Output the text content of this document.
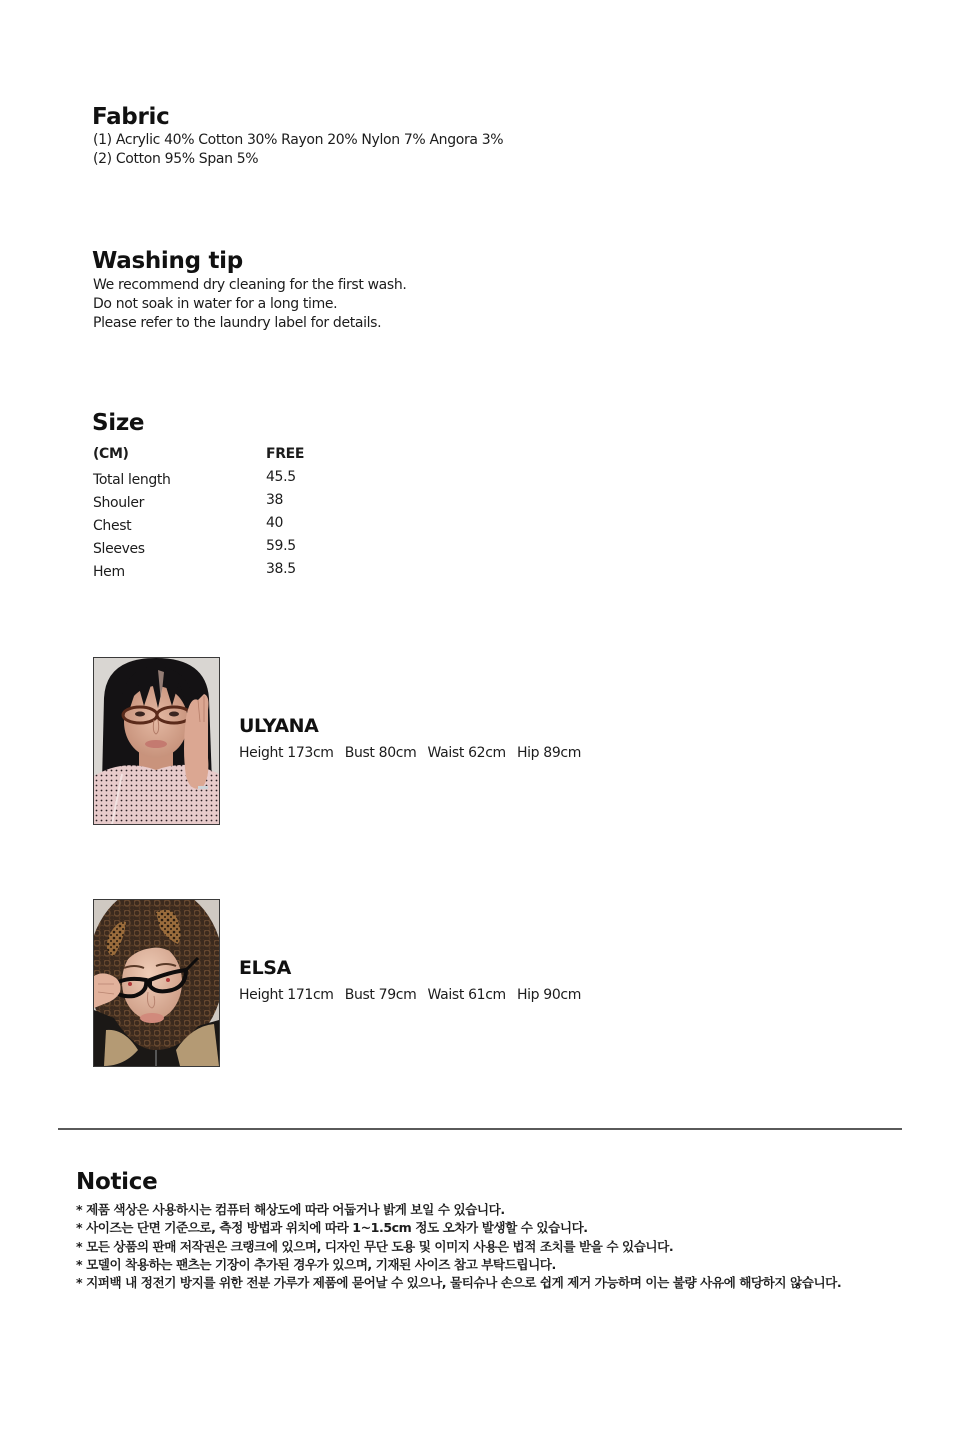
Fabric
(1) Acrylic 40% Cotton 30% Rayon 20% Nylon 7% Angora 3%
(2) Cotton 95% Span 5%
Washing tip
We recommend dry cleaning for the first wash.
Do not soak in water for a long time.
Please refer to the laundry label for details.
Size
(CM)	FREE
Total length	45.5
Shouler	38
Chest	40
Sleeves	59.5
Hem	38.5
ULYANA
Height 173cm Bust 80cm Waist 62cm Hip 89cm
ELSA
Height 171cm Bust 79cm Waist 61cm Hip 90cm
Notice
* 제품 색상은 사용하시는 컴퓨터 해상도에 따라 어둡거나 밝게 보일 수 있습니다.
* 사이즈는 단면 기준으로, 측정 방법과 위치에 따라 1~1.5cm 정도 오차가 발생할 수 있습니다.
* 모든 상품의 판매 저작권은 크랭크에 있으며, 디자인 무단 도용 및 이미지 사용은 법적 조치를 받을 수 있습니다.
* 모델이 착용하는 팬츠는 기장이 추가된 경우가 있으며, 기재된 사이즈 참고 부탁드립니다.
* 지퍼백 내 정전기 방지를 위한 전분 가루가 제품에 묻어날 수 있으나, 물티슈나 손으로 쉽게 제거 가능하며 이는 불량 사유에 해당하지 않습니다.
